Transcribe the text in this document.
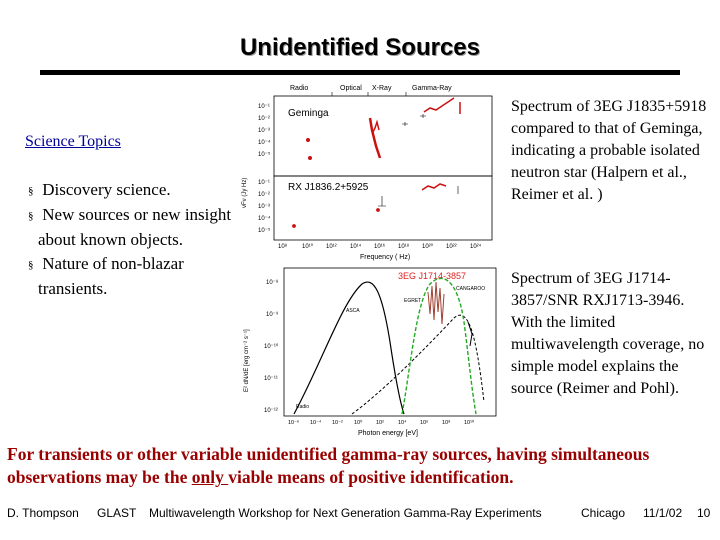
Unidentified Sources
Science Topics
§ Discovery science.
§ New sources or new insight about known objects.
§ Nature of non-blazar transients.
Radio	Optical X-Ray	Gamma-Ray
Geminga
RX J1836.2+5925
10⁻¹
10⁻²
10⁻³
10⁻⁴
10⁻⁵
10⁻¹
10⁻²
10⁻³
10⁻⁴
10⁻⁵
νFν (Jy Hz)
10⁸ 10¹⁰ 10¹² 10¹⁴ 10¹⁶ 10¹⁸ 10²⁰ 10²² 10²⁴
Frequency ( Hz)
3EG J1714-3857
10⁻⁸
10⁻⁹
10⁻¹⁰
10⁻¹¹
10⁻¹²
E² dN/dE [erg cm⁻² s⁻¹]
10⁻⁶ 10⁻⁴ 10⁻² 10⁰ 10²	10⁴ 10⁶ 10⁸ 10¹⁰
Photon energy [eV]
ASCA
Radio
CANGAROO
EGRET
Spectrum of 3EG J1835+5918 compared to that of Geminga, indicating a probable isolated neutron star (Halpern et al., Reimer et al. )
Spectrum of 3EG J1714-3857/SNR RXJ1713-3946. With the limited multiwavelength coverage, no simple model explains the source (Reimer and Pohl).
For transients or other variable unidentified gamma-ray sources, having simultaneous observations may be the only viable means of positive identification.
D. Thompson GLAST Multiwavelength Workshop for Next Generation Gamma-Ray Experiments	Chicago 11/1/02 10
